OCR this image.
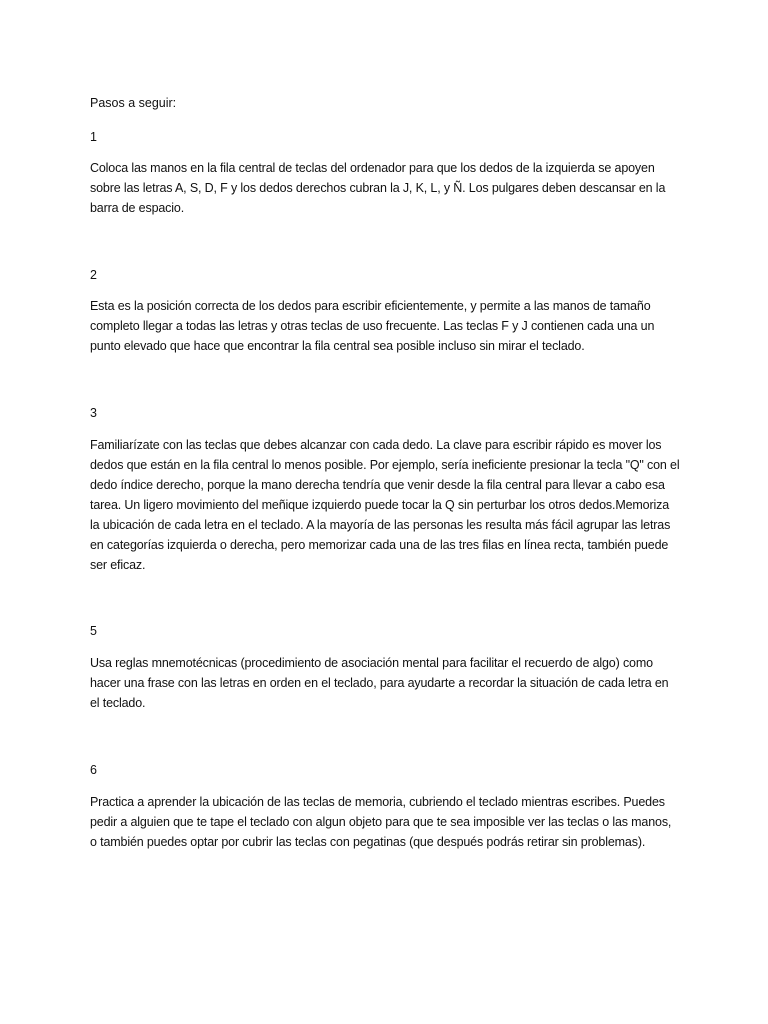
Pasos a seguir:

1

Coloca las manos en la fila central de teclas del ordenador para que los dedos de la izquierda se apoyen sobre las letras A, S, D, F y los dedos derechos cubran la J, K, L, y Ñ. Los pulgares deben descansar en la barra de espacio.

2

Esta es la posición correcta de los dedos para escribir eficientemente, y permite a las manos de tamaño completo llegar a todas las letras y otras teclas de uso frecuente. Las teclas F y J contienen cada una un punto elevado que hace que encontrar la fila central sea posible incluso sin mirar el teclado.

3

Familiarízate con las teclas que debes alcanzar con cada dedo. La clave para escribir rápido es mover los dedos que están en la fila central lo menos posible. Por ejemplo, sería ineficiente presionar la tecla "Q" con el dedo índice derecho, porque la mano derecha tendría que venir desde la fila central para llevar a cabo esa tarea. Un ligero movimiento del meñique izquierdo puede tocar la Q sin perturbar los otros dedos.Memoriza la ubicación de cada letra en el teclado. A la mayoría de las personas les resulta más fácil agrupar las letras en categorías izquierda o derecha, pero memorizar cada una de las tres filas en línea recta, también puede ser eficaz.

5

Usa reglas mnemotécnicas (procedimiento de asociación mental para facilitar el recuerdo de algo) como hacer una frase con las letras en orden en el teclado, para ayudarte a recordar la situación de cada letra en el teclado.

6

Practica a aprender la ubicación de las teclas de memoria, cubriendo el teclado mientras escribes. Puedes pedir a alguien que te tape el teclado con algun objeto para que te sea imposible ver las teclas o las manos, o también puedes optar por cubrir las teclas con pegatinas (que después podrás retirar sin problemas).
